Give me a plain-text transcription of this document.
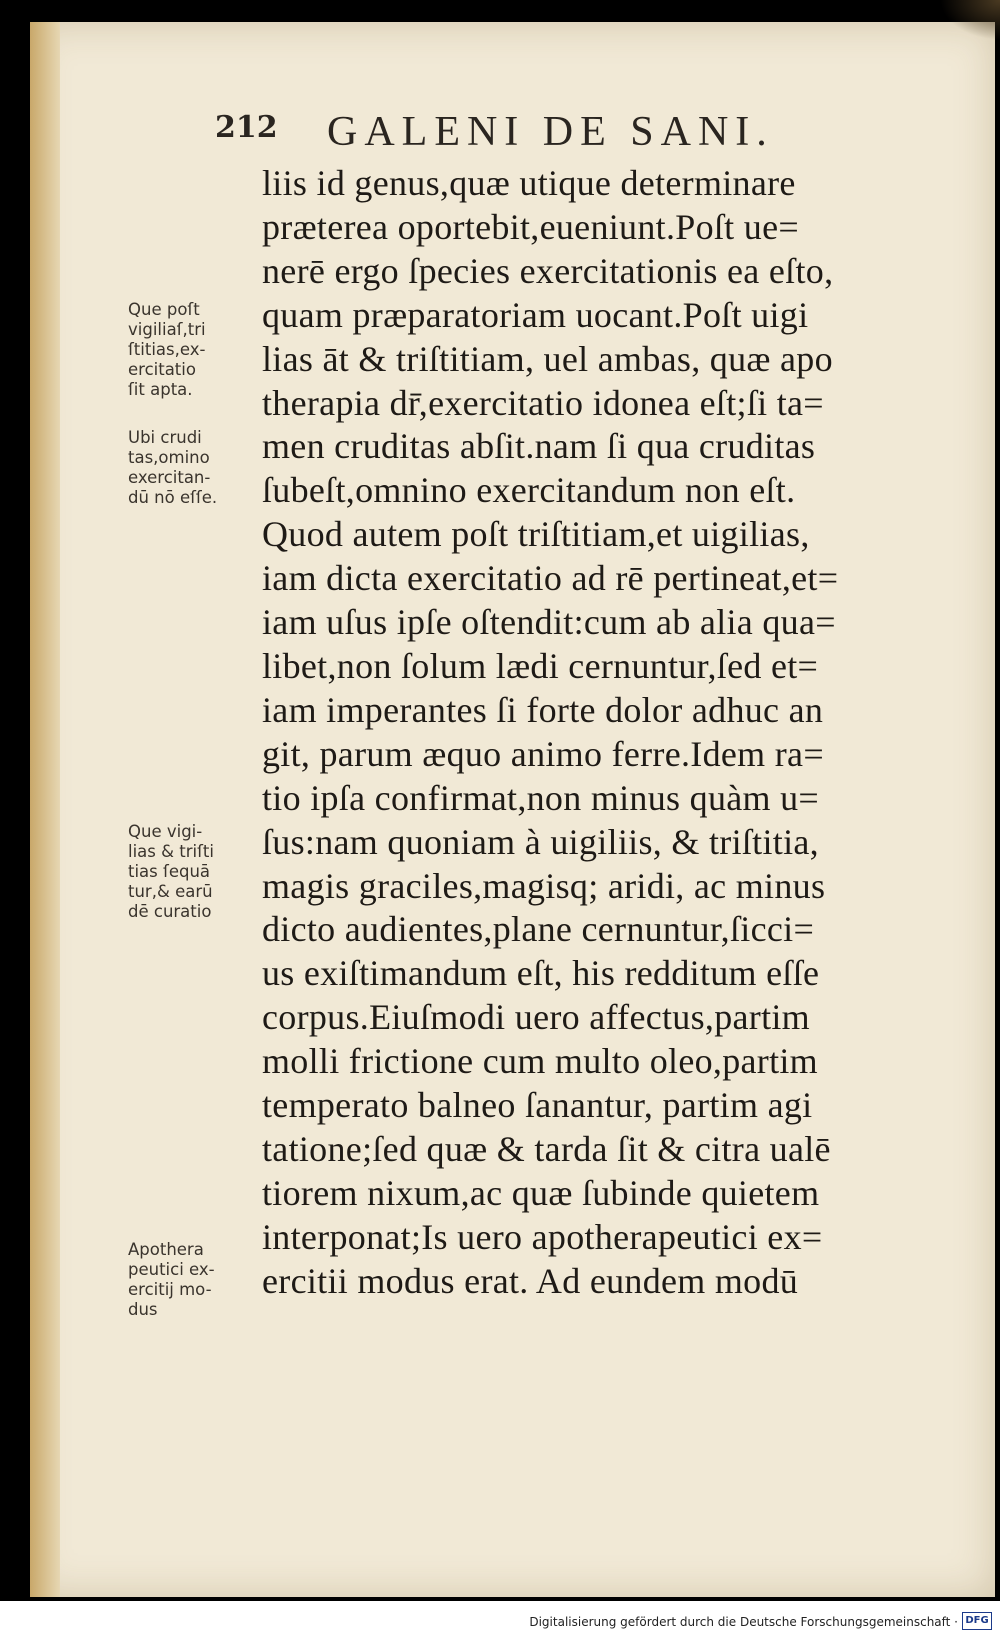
212 GALENI DE SANI.
liis id genus,quæ utique determinare
præterea oportebit,eueniunt.Poſt ue=
nerē ergo ſpecies exercitationis ea eſto,
quam præparatoriam uocant.Poſt uigi
lias āt & triſtitiam, uel ambas, quæ apo
therapia dr̄,exercitatio idonea eſt;ſi ta=
men cruditas abſit.nam ſi qua cruditas
ſubeſt,omnino exercitandum non eſt.
Quod autem poſt triſtitiam,et uigilias,
iam dicta exercitatio ad rē pertineat,et=
iam uſus ipſe oſtendit:cum ab alia qua=
libet,non ſolum lædi cernuntur,ſed et=
iam imperantes ſi forte dolor adhuc an
git, parum æquo animo ferre.Idem ra=
tio ipſa confirmat,non minus quàm u=
ſus:nam quoniam à uigiliis, & triſtitia,
magis graciles,magisq; aridi, ac minus
dicto audientes,plane cernuntur,ſicci=
us exiſtimandum eſt, his redditum eſſe
corpus.Eiuſmodi uero affectus,partim
molli frictione cum multo oleo,partim
temperato balneo ſanantur, partim agi
tatione;ſed quæ & tarda ſit & citra ualē
tiorem nixum,ac quæ ſubinde quietem
interponat;Is uero apotherapeutici ex=
ercitii modus erat. Ad eundem modū
Que poſt
vigiliaſ,tri
ſtitias,ex-
ercitatio
ſit apta.
Ubi crudi
tas,omino
exercitan-
dū nō eſſe.
Que vigi-
lias & triſti
tias ſequā
tur,& earū
dē curatio
Apothera
peutici ex-
ercitij mo-
dus
Digitalisierung gefördert durch die Deutsche Forschungsgemeinschaft · DFG
